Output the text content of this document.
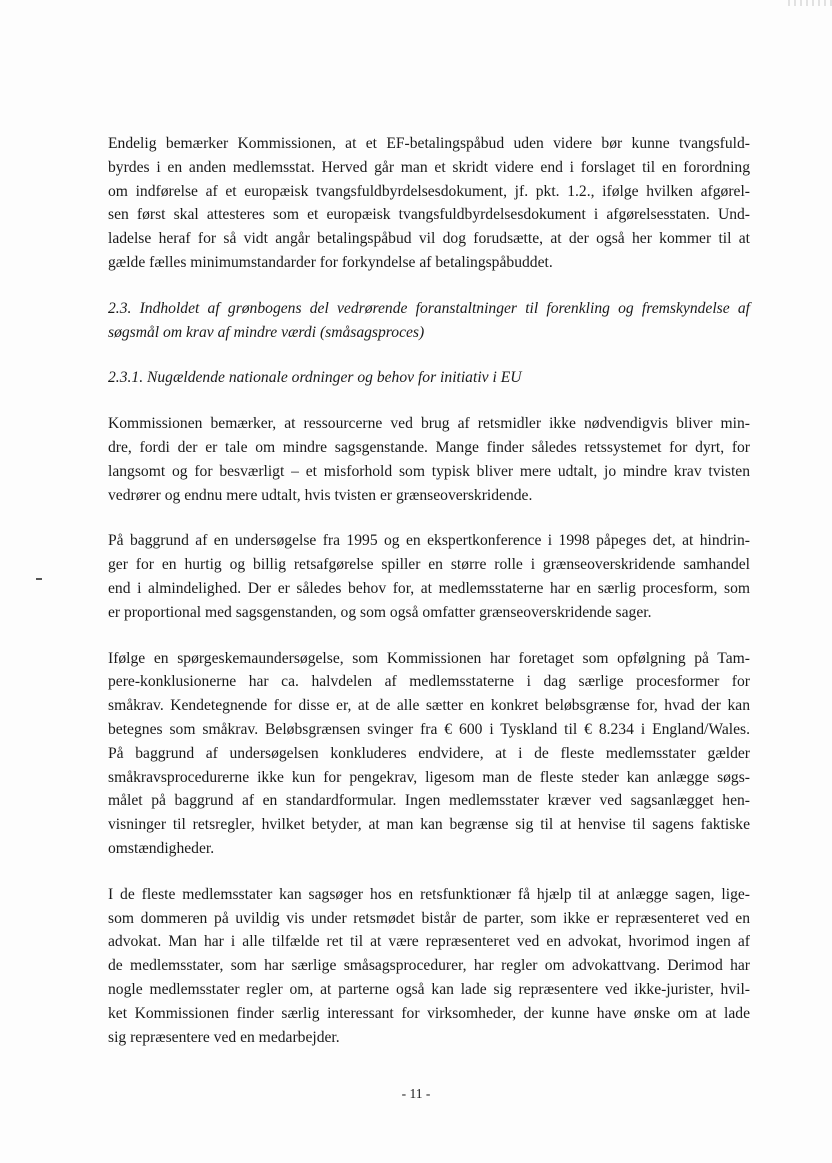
Endelig bemærker Kommissionen, at et EF-betalingspåbud uden videre bør kunne tvangsfuld-
byrdes i en anden medlemsstat. Herved går man et skridt videre end i forslaget til en forordning
om indførelse af et europæisk tvangsfuldbyrdelsesdokument, jf. pkt. 1.2., ifølge hvilken afgørel-
sen først skal attesteres som et europæisk tvangsfuldbyrdelsesdokument i afgørelsesstaten. Und-
ladelse heraf for så vidt angår betalingspåbud vil dog forudsætte, at der også her kommer til at
gælde fælles minimumstandarder for forkyndelse af betalingspåbuddet.
2.3. Indholdet af grønbogens del vedrørende foranstaltninger til forenkling og fremskyndelse af
søgsmål om krav af mindre værdi (småsagsproces)
2.3.1. Nugældende nationale ordninger og behov for initiativ i EU
Kommissionen bemærker, at ressourcerne ved brug af retsmidler ikke nødvendigvis bliver min-
dre, fordi der er tale om mindre sagsgenstande. Mange finder således retssystemet for dyrt, for
langsomt og for besværligt – et misforhold som typisk bliver mere udtalt, jo mindre krav tvisten
vedrører og endnu mere udtalt, hvis tvisten er grænseoverskridende.
På baggrund af en undersøgelse fra 1995 og en ekspertkonference i 1998 påpeges det, at hindrin-
ger for en hurtig og billig retsafgørelse spiller en større rolle i grænseoverskridende samhandel
end i almindelighed. Der er således behov for, at medlemsstaterne har en særlig procesform, som
er proportional med sagsgenstanden, og som også omfatter grænseoverskridende sager.
Ifølge en spørgeskemaundersøgelse, som Kommissionen har foretaget som opfølgning på Tam-
pere-konklusionerne har ca. halvdelen af medlemsstaterne i dag særlige procesformer for
småkrav. Kendetegnende for disse er, at de alle sætter en konkret beløbsgrænse for, hvad der kan
betegnes som småkrav. Beløbsgrænsen svinger fra € 600 i Tyskland til € 8.234 i England/Wales.
På baggrund af undersøgelsen konkluderes endvidere, at i de fleste medlemsstater gælder
småkravsprocedurerne ikke kun for pengekrav, ligesom man de fleste steder kan anlægge søgs-
målet på baggrund af en standardformular. Ingen medlemsstater kræver ved sagsanlægget hen-
visninger til retsregler, hvilket betyder, at man kan begrænse sig til at henvise til sagens faktiske
omstændigheder.
I de fleste medlemsstater kan sagsøger hos en retsfunktionær få hjælp til at anlægge sagen, lige-
som dommeren på uvildig vis under retsmødet bistår de parter, som ikke er repræsenteret ved en
advokat. Man har i alle tilfælde ret til at være repræsenteret ved en advokat, hvorimod ingen af
de medlemsstater, som har særlige småsagsprocedurer, har regler om advokattvang. Derimod har
nogle medlemsstater regler om, at parterne også kan lade sig repræsentere ved ikke-jurister, hvil-
ket Kommissionen finder særlig interessant for virksomheder, der kunne have ønske om at lade
sig repræsentere ved en medarbejder.
- 11 -
